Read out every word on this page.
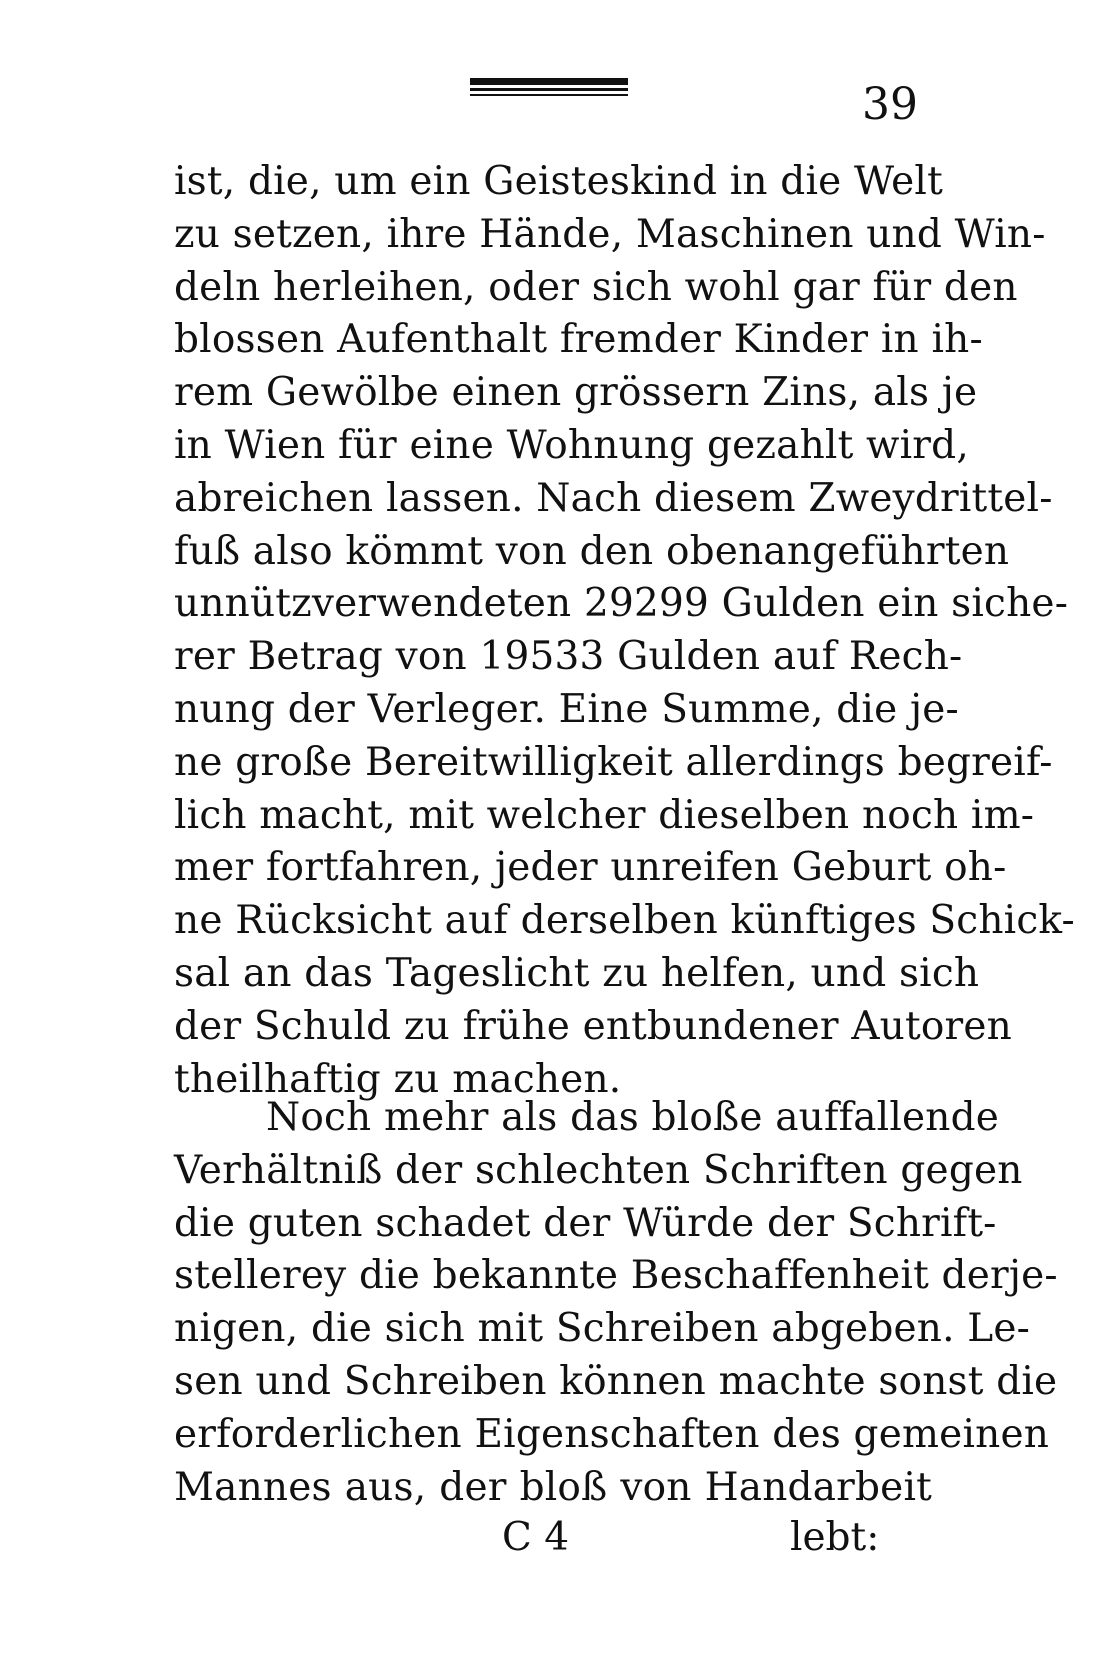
39
ist, die, um ein Geisteskind in die Welt
zu setzen, ihre Hände, Maschinen und Win-
deln herleihen, oder sich wohl gar für den
blossen Aufenthalt fremder Kinder in ih-
rem Gewölbe einen grössern Zins, als je
in Wien für eine Wohnung gezahlt wird,
abreichen lassen. Nach diesem Zweydrittel-
fuß also kömmt von den obenangeführten
unnützverwendeten 29299 Gulden ein siche-
rer Betrag von 19533 Gulden auf Rech-
nung der Verleger. Eine Summe, die je-
ne große Bereitwilligkeit allerdings begreif-
lich macht, mit welcher dieselben noch im-
mer fortfahren, jeder unreifen Geburt oh-
ne Rücksicht auf derselben künftiges Schick-
sal an das Tageslicht zu helfen, und sich
der Schuld zu frühe entbundener Autoren
theilhaftig zu machen.
Noch mehr als das bloße auffallende
Verhältniß der schlechten Schriften gegen
die guten schadet der Würde der Schrift-
stellerey die bekannte Beschaffenheit derje-
nigen, die sich mit Schreiben abgeben. Le-
sen und Schreiben können machte sonst die
erforderlichen Eigenschaften des gemeinen
Mannes aus, der bloß von Handarbeit
C 4	lebt:
